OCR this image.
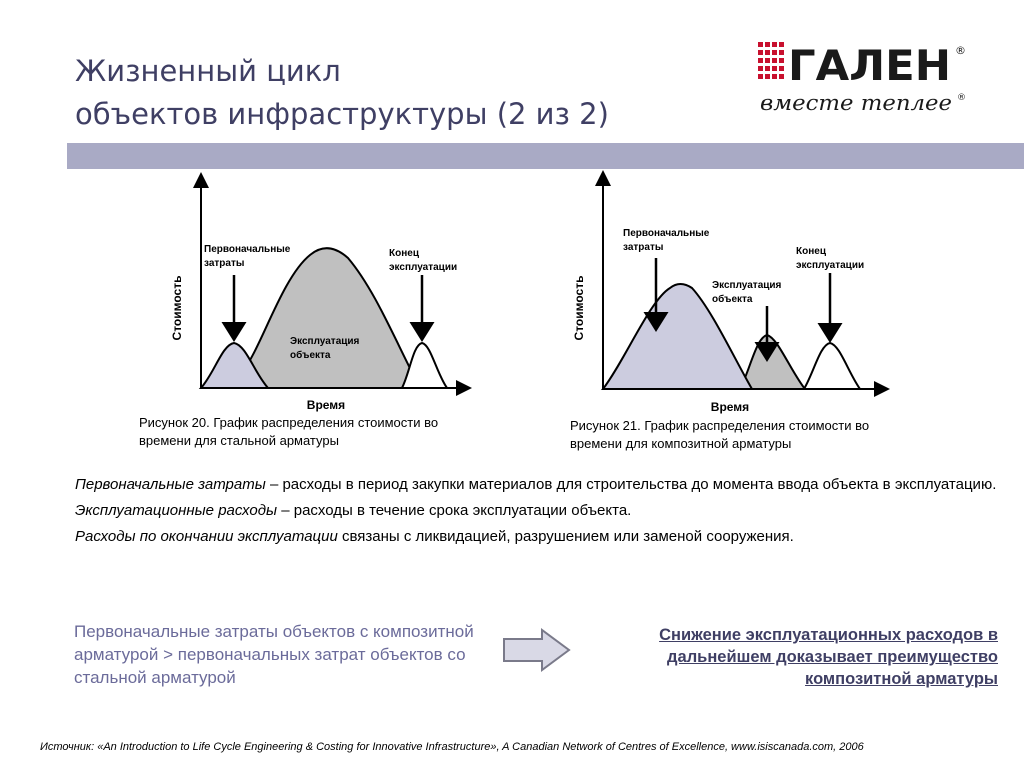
Жизненный цикл
объектов инфраструктуры (2 из 2)
ГАЛЕН ®
вместе теплее ®
Стоимость
Время
Первоначальные
затраты
Эксплуатация
объекта
Конец
эксплуатации
Стоимость
Время
Первоначальные
затраты
Эксплуатация
объекта
Конец
эксплуатации
Рисунок 20. График распределения стоимости во
времени для стальной арматуры
Рисунок 21. График распределения стоимости во
времени для композитной арматуры

Первоначальные затраты – расходы в период закупки материалов для строительства до момента ввода объекта в эксплуатацию.

Эксплуатационные расходы – расходы в течение срока эксплуатации объекта.

Расходы по окончании эксплуатации связаны с ликвидацией, разрушением или заменой сооружения.

Первоначальные затраты объектов с композитной арматурой > первоначальных затрат объектов со стальной арматурой
Снижение эксплуатационных расходов в дальнейшем доказывает преимущество композитной арматуры
Источник: «An Introduction to Life Cycle Engineering & Costing for Innovative Infrastructure», A Canadian Network of Centres of Excellence, www.isiscanada.com, 2006
